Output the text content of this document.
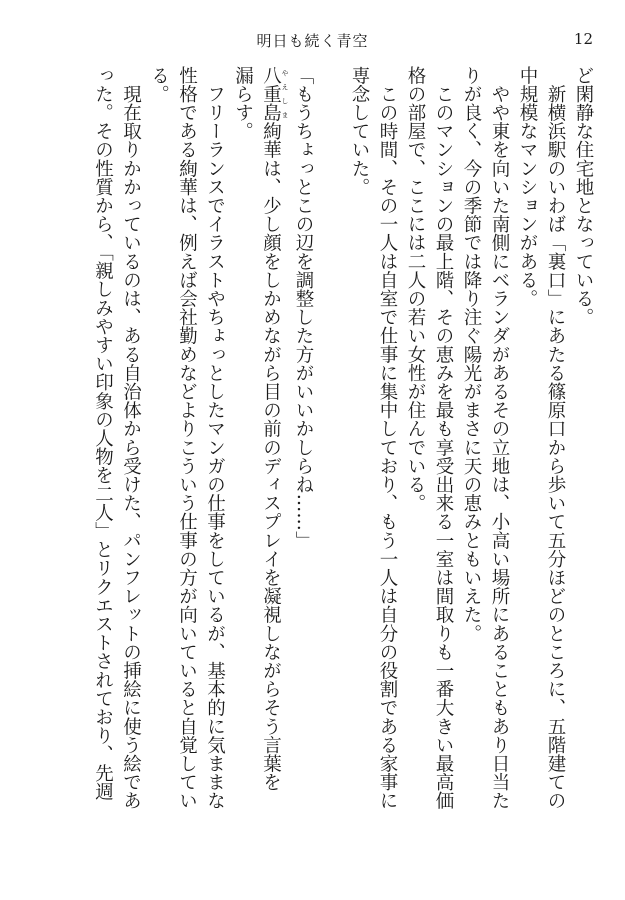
明日も続く青空	12
ど閑静な住宅地となっている。
　新横浜駅のいわば「裏口」にあたる篠原口から歩いて五分ほどのところに、五階建ての
中規模なマンションがある。
　やや東を向いた南側にベランダがあるその立地は、小高い場所にあることもあり日当た
りが良く、今の季節では降り注ぐ陽光がまさに天の恵みともいえた。
　このマンションの最上階、その恵みを最も享受出来る一室は間取りも一番大きい最高価
格の部屋で、ここには二人の若い女性が住んでいる。
　この時間、その一人は自室で仕事に集中しており、もう一人は自分の役割である家事に
専念していた。
「もうちょっとこの辺を調整した方がいいかしらね……」
八重島 やえしま絢華は、少し顔をしかめながら目の前のディスプレイを凝視しながらそう言葉を
漏らす。
　フリーランスでイラストやちょっとしたマンガの仕事をしているが、基本的に気ままな
性格である絢華は、例えば会社勤めなどよりこういう仕事の方が向いていると自覚してい
る。
　現在取りかかっているのは、ある自治体から受けた、パンフレットの挿絵に使う絵であ
った。その性質から、「親しみやすい印象の人物を二人」とリクエストされており、先週
